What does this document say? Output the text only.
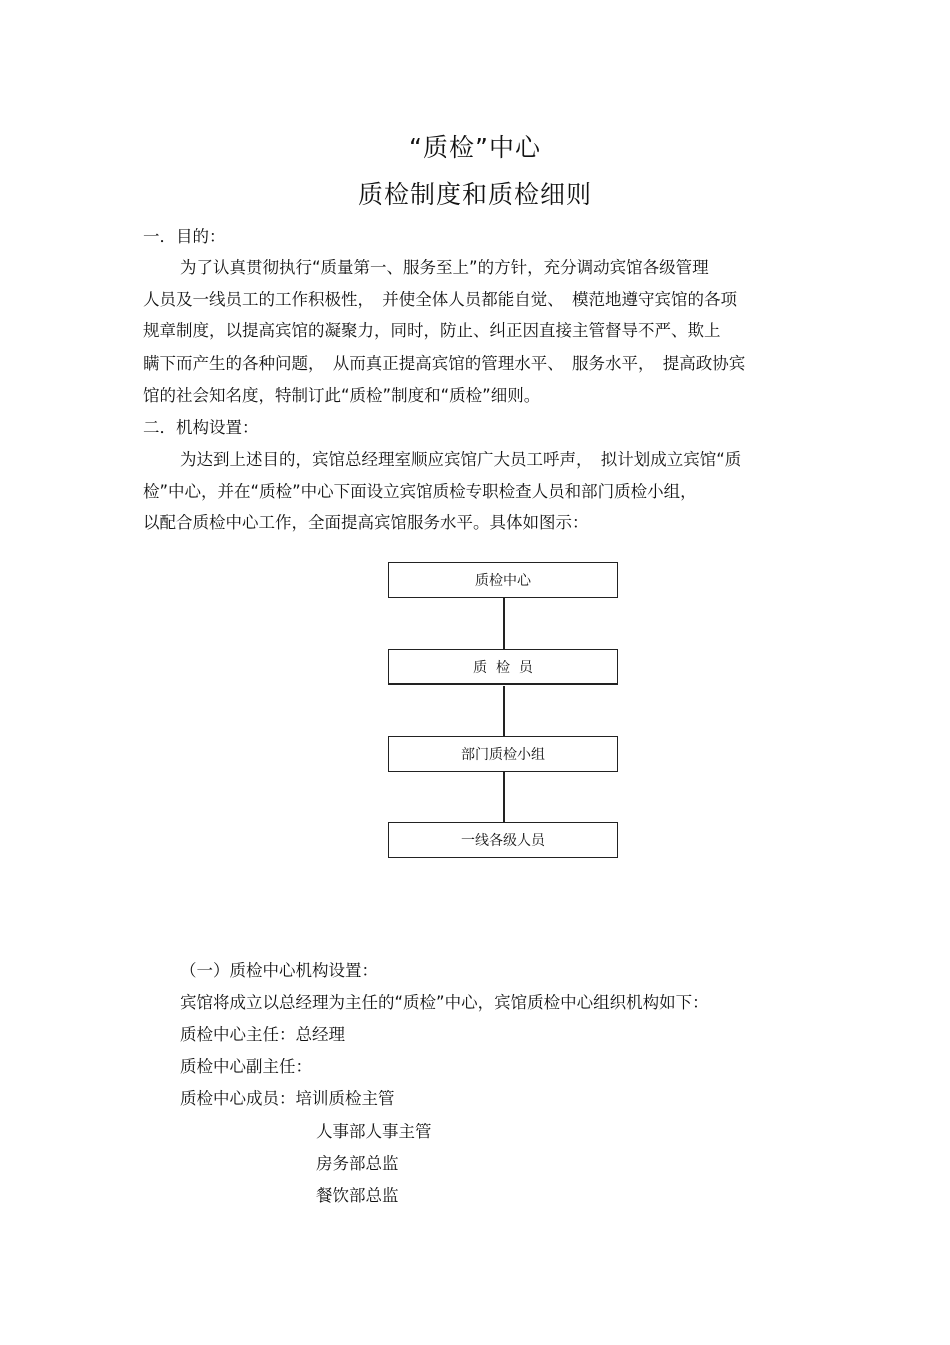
“质检”中心
质检制度和质检细则
一．目的：
为了认真贯彻执行“质量第一、服务至上”的方针，充分调动宾馆各级管理
人员及一线员工的工作积极性，　并使全体人员都能自觉、　模范地遵守宾馆的各项
规章制度，以提高宾馆的凝聚力，同时，防止、纠正因直接主管督导不严、欺上
瞒下而产生的各种问题，　从而真正提高宾馆的管理水平、　服务水平，　提高政协宾
馆的社会知名度，特制订此“质检”制度和“质检”细则。
二．机构设置：
为达到上述目的，宾馆总经理室顺应宾馆广大员工呼声，　拟计划成立宾馆“质
检”中心，并在“质检”中心下面设立宾馆质检专职检查人员和部门质检小组，
以配合质检中心工作，全面提高宾馆服务水平。具体如图示：
质检中心
质  检  员
部门质检小组
一线各级人员
（一）质检中心机构设置：
宾馆将成立以总经理为主任的“质检”中心，宾馆质检中心组织机构如下：
质检中心主任：总经理
质检中心副主任：
质检中心成员：培训质检主管
人事部人事主管
房务部总监
餐饮部总监
